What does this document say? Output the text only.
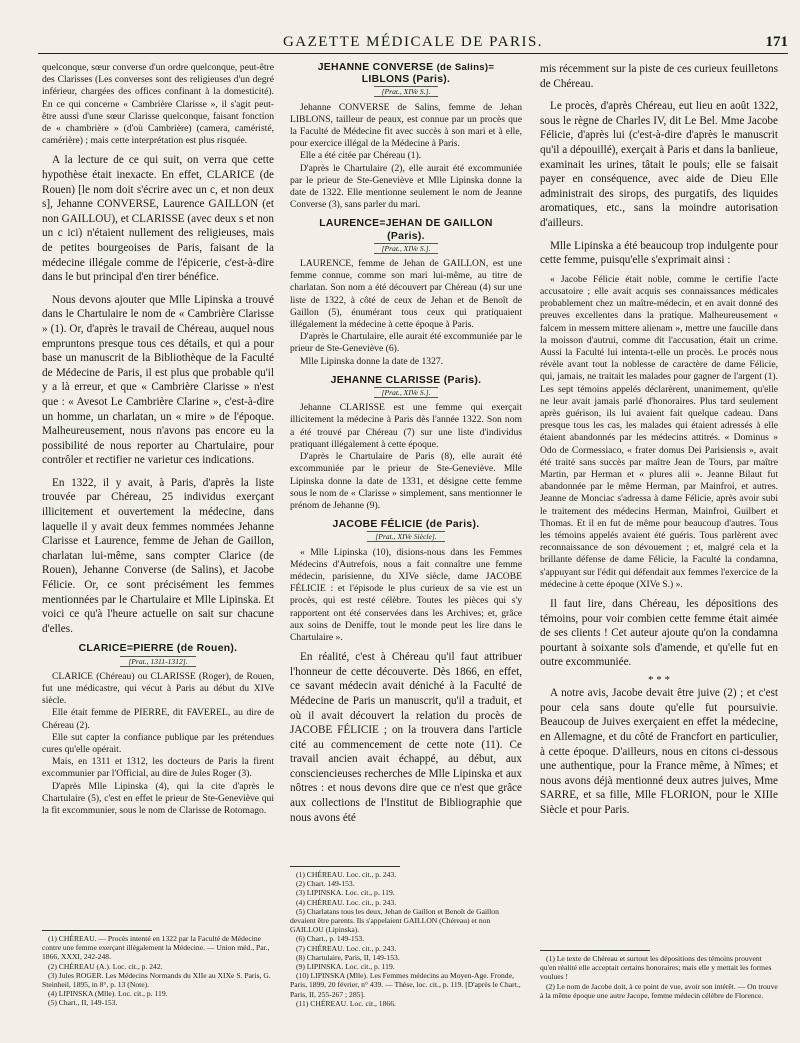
GAZETTE MÉDICALE DE PARIS.	171

quelconque, sœur converse d'un ordre quelconque, peut-être des Clarisses (Les converses sont des religieuses d'un degré inférieur, chargées des offices confinant à la domesticité). En ce qui concerne « Cambrière Clarisse », il s'agit peut-être aussi d'une sœur Clarisse quelconque, faisant fonction de « chambrière » (d'où Cambrière) (camera, caméristé, camérière) ; mais cette interprétation est plus risquée.

A la lecture de ce qui suit, on verra que cette hypothèse était inexacte. En effet, CLARICE (de Rouen) [le nom doit s'écrire avec un c, et non deux s], Jehanne CONVERSE, Laurence GAILLON (et non GAILLOU), et CLARISSE (avec deux s et non un c ici) n'étaient nullement des religieuses, mais de petites bourgeoises de Paris, faisant de la médecine illégale comme de l'épicerie, c'est-à-dire dans le but principal d'en tirer bénéfice.

Nous devons ajouter que Mlle Lipinska a trouvé dans le Chartulaire le nom de « Cambrière Clarisse » (1). Or, d'après le travail de Chéreau, auquel nous empruntons presque tous ces détails, et qui a pour base un manuscrit de la Bibliothèque de la Faculté de Médecine de Paris, il est plus que probable qu'il y a là erreur, et que « Cambrière Clarisse » n'est que : « Avesot Le Cambrière Clarine », c'est-à-dire un homme, un charlatan, un « mire » de l'époque. Malheureusement, nous n'avons pas encore eu la possibilité de nous reporter au Chartulaire, pour contrôler et rectifier ne varietur ces indications.

En 1322, il y avait, à Paris, d'après la liste trouvée par Chéreau, 25 individus exerçant illicitement et ouvertement la médecine, dans laquelle il y avait deux femmes nommées Jehanne Clarisse et Laurence, femme de Jehan de Gaillon, charlatan lui-même, sans compter Clarice (de Rouen), Jehanne Converse (de Salins), et Jacobe Félicie. Or, ce sont précisément les femmes mentionnées par le Chartulaire et Mlle Lipinska. Et voici ce qu'à l'heure actuelle on sait sur chacune d'elles.

CLARICE=PIERRE (de Rouen).
[Prat., 1311-1312].

CLARICE (Chéreau) ou CLARISSE (Roger), de Rouen, fut une médicastre, qui vécut à Paris au début du XIVe siècle.

Elle était femme de PIERRE, dit FAVEREL, au dire de Chéreau (2).

Elle sut capter la confiance publique par les prétendues cures qu'elle opérait.

Mais, en 1311 et 1312, les docteurs de Paris la firent excommunier par l'Official, au dire de Jules Roger (3).

D'après Mlle Lipinska (4), qui la cite d'après le Chartulaire (5), c'est en effet le prieur de Ste-Geneviève qui la fit excommunier, sous le nom de Clarisse de Rotomago.

(1) CHÉREAU. — Procès intenté en 1322 par la Faculté de Médecine contre une femme exerçant illégalement la Médecine. — Union méd., Par., 1866, XXXI, 242-248.

(2) CHÉREAU (A.). Loc. cit., p. 242.

(3) Jules ROGER. Les Médecins Normands du XIIe au XIXe S. Paris, G. Steinheil, 1895, in 8°, p. 13 (Note).

(4) LIPINSKA (Mlle). Loc. cit., p. 119.

(5) Chart., II, 149-153.

JEHANNE CONVERSE (de Salins)=
LIBLONS (Paris).
[Prat., XIVe S.].

Jehanne CONVERSE de Salins, femme de Jehan LIBLONS, tailleur de peaux, est connue par un procès que la Faculté de Médecine fit avec succès à son mari et à elle, pour exercice illégal de la Médecine à Paris.

Elle a été citée par Chéreau (1).

D'après le Chartulaire (2), elle aurait été excommuniée par le prieur de Ste-Geneviève et Mlle Lipinska donne la date de 1322. Elle mentionne seulement le nom de Jeanne Converse (3), sans parler du mari.

LAURENCE=JEHAN DE GAILLON
(Paris).
[Prat., XIVe S.].

LAURENCE, femme de Jehan de GAILLON, est une femme connue, comme son mari lui-même, au titre de charlatan. Son nom a été découvert par Chéreau (4) sur une liste de 1322, à côté de ceux de Jehan et de Benoît de Gaillon (5), énumérant tous ceux qui pratiquaient illégalement la médecine à cette époque à Paris.

D'après le Chartulaire, elle aurait été excommuniée par le prieur de Ste-Geneviève (6).

Mlle Lipinska donne la date de 1327.

JEHANNE CLARISSE (Paris).
[Prat., XIVe S.].

Jehanne CLARISSE est une femme qui exerçait illicitement la médecine à Paris dès l'année 1322. Son nom a été trouvé par Chéreau (7) sur une liste d'individus pratiquant illégalement à cette époque.

D'après le Chartulaire de Paris (8), elle aurait été excommuniée par le prieur de Ste-Geneviève. Mlle Lipinska donne la date de 1331, et désigne cette femme sous le nom de « Clarisse » simplement, sans mentionner le prénom de Jehanne (9).

JACOBE FÉLICIE (de Paris).
[Prat., XIVe Siècle].

« Mlle Lipinska (10), disions-nous dans les Femmes Médecins d'Autrefois, nous a fait connaître une femme médecin, parisienne, du XIVe siècle, dame JACOBE FÉLICIE : et l'épisode le plus curieux de sa vie est un procès, qui est resté célèbre. Toutes les pièces qui s'y rapportent ont été conservées dans les Archives; et, grâce aux soins de Deniffe, tout le monde peut les lire dans le Chartulaire ».

En réalité, c'est à Chéreau qu'il faut attribuer l'honneur de cette découverte. Dès 1866, en effet, ce savant médecin avait déniché à la Faculté de Médecine de Paris un manuscrit, qu'il a traduit, et où il avait découvert la relation du procès de JACOBE FÉLICIE ; on la trouvera dans l'article cité au commencement de cette note (11). Ce travail ancien avait échappé, au début, aux consciencieuses recherches de Mlle Lipinska et aux nôtres : et nous devons dire que ce n'est que grâce aux collections de l'Institut de Bibliographie que nous avons été

(1) CHÉREAU. Loc. cit., p. 243.

(2) Chart. 149-153.

(3) LIPINSKA. Loc. cit., p. 119.

(4) CHÉREAU. Loc. cit., p. 243.

(5) Charlatans tous les deux, Jehan de Gaillon et Benoît de Gaillon devaient être parents. Ils s'appelaient GAILLON (Chéreau) et non GAILLOU (Lipinska).

(6) Chart., p. 149-153.

(7) CHÉREAU. Loc. cit., p. 243.

(8) Chartulaire, Paris, II, 149-153.

(9) LIPINSKA. Loc. cit., p. 119.

(10) LIPINSKA (Mlle). Les Femmes médecins au Moyen-Age. Fronde, Paris, 1899, 20 février, n° 439. — Thèse, loc. cit., p. 119. [D'après le Chart., Paris, II, 255-267 ; 285].

(11) CHÉREAU. Loc. cit., 1866.

mis récemment sur la piste de ces curieux feuilletons de Chéreau.

Le procès, d'après Chéreau, eut lieu en août 1322, sous le règne de Charles IV, dit Le Bel. Mme Jacobe Félicie, d'après lui (c'est-à-dire d'après le manuscrit qu'il a dépouillé), exerçait à Paris et dans la banlieue, examinait les urines, tâtait le pouls; elle se faisait payer en conséquence, avec aide de Dieu Elle administrait des sirops, des purgatifs, des liquides aromatiques, etc., sans la moindre autorisation d'ailleurs.

Mlle Lipinska a été beaucoup trop indulgente pour cette femme, puisqu'elle s'exprimait ainsi :

« Jacobe Félicie était noble, comme le certifie l'acte accusatoire ; elle avait acquis ses connaissances médicales probablement chez un maître-médecin, et en avait donné des preuves excellentes dans la pratique. Malheureusement « falcem in messem mittere alienam », mettre une faucille dans la moisson d'autrui, comme dit l'accusation, était un crime. Aussi la Faculté lui intenta-t-elle un procès. Le procès nous révèle avant tout la noblesse de caractère de dame Félicie, qui, jamais, ne traitait les malades pour gagner de l'argent (1). Les sept témoins appelés déclarèrent, unanimement, qu'elle ne leur avait jamais parlé d'honoraires. Plus tard seulement après guérison, ils lui avaient fait quelque cadeau. Dans presque tous les cas, les malades qui étaient adressés à elle étaient abandonnés par les médecins attitrés. « Dominus » Odo de Cormessiaco, « frater domus Dei Parisiensis », avait été traité sans succès par maître Jean de Tours, par maître Martin, par Herman et « plures alii ». Jeanne Bilaut fut abandonnée par le même Herman, par Mainfroi, et autres. Jeanne de Monciac s'adressa à dame Félicie, après avoir subi le traitement des médecins Herman, Mainfroi, Guilbert et Thomas. Et il en fut de même pour beaucoup d'autres. Tous les témoins appelés avaient été guéris. Tous parlèrent avec reconnaissance de son dévouement ; et, malgré cela et la brillante défense de dame Félicie, la Faculté la condamna, s'appuyant sur l'édit qui défendait aux femmes l'exercice de la médecine à cette époque (XIVe S.) ».

Il faut lire, dans Chéreau, les dépositions des témoins, pour voir combien cette femme était aimée de ses clients ! Cet auteur ajoute qu'on la condamna pourtant à soixante sols d'amende, et qu'elle fut en outre excommuniée.

* * *

A notre avis, Jacobe devait être juive (2) ; et c'est pour cela sans doute qu'elle fut poursuivie. Beaucoup de Juives exerçaient en effet la médecine, en Allemagne, et du côté de Francfort en particulier, à cette époque. D'ailleurs, nous en citons ci-dessous une authentique, pour la France même, à Nîmes; et nous avons déjà mentionné deux autres juives, Mme SARRE, et sa fille, Mlle FLORION, pour le XIIIe Siècle et pour Paris.

(1) Le texte de Chéreau et surtout les dépositions des témoins prouvent qu'en réalité elle acceptait certains honoraires; mais elle y mettait les formes voulues !

(2) Le nom de Jacobe doit, à ce point de vue, avoir son intérêt. — On trouve à la même époque une autre Jacope, femme médecin célèbre de Florence.
